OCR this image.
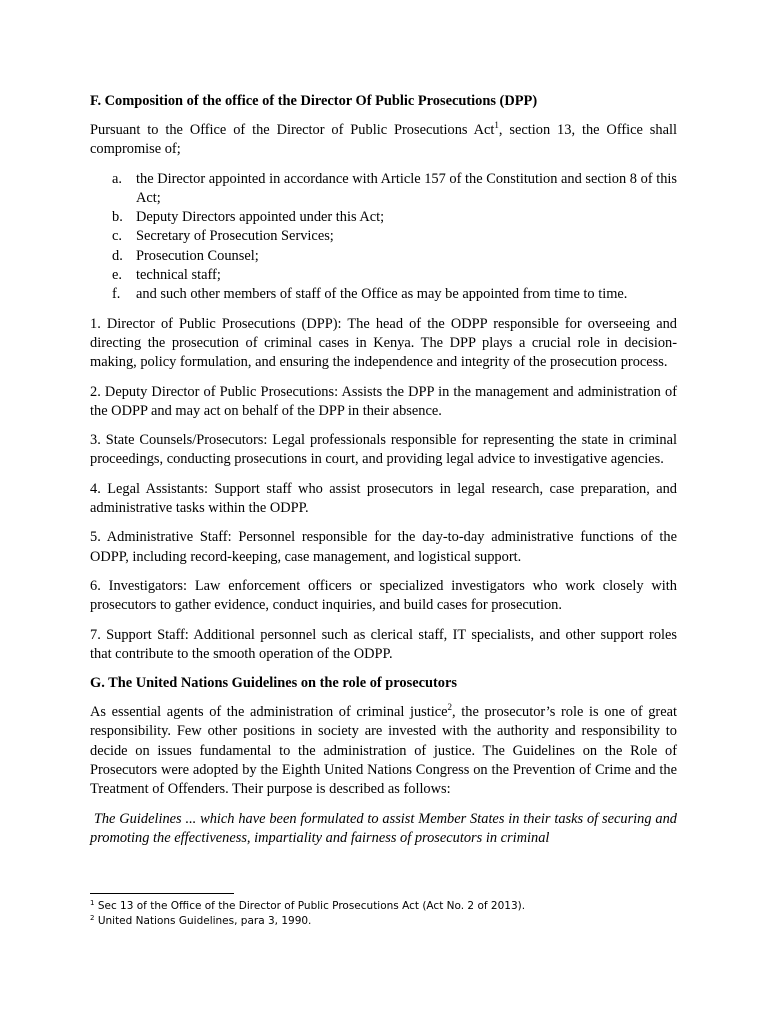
F. Composition of the office of the Director Of Public Prosecutions (DPP)

Pursuant to the Office of the Director of Public Prosecutions Act$^1$, section 13, the Office shall compromise of;

a. the Director appointed in accordance with Article 157 of the Constitution and section 8 of this Act;
b. Deputy Directors appointed under this Act;
c. Secretary of Prosecution Services;
d. Prosecution Counsel;
e. technical staff;
f. and such other members of staff of the Office as may be appointed from time to time.

1. Director of Public Prosecutions (DPP): The head of the ODPP responsible for overseeing and directing the prosecution of criminal cases in Kenya. The DPP plays a crucial role in decision-making, policy formulation, and ensuring the independence and integrity of the prosecution process.

2. Deputy Director of Public Prosecutions: Assists the DPP in the management and administration of the ODPP and may act on behalf of the DPP in their absence.

3. State Counsels/Prosecutors: Legal professionals responsible for representing the state in criminal proceedings, conducting prosecutions in court, and providing legal advice to investigative agencies.

4. Legal Assistants: Support staff who assist prosecutors in legal research, case preparation, and administrative tasks within the ODPP.

5. Administrative Staff: Personnel responsible for the day-to-day administrative functions of the ODPP, including record-keeping, case management, and logistical support.

6. Investigators: Law enforcement officers or specialized investigators who work closely with prosecutors to gather evidence, conduct inquiries, and build cases for prosecution.

7. Support Staff: Additional personnel such as clerical staff, IT specialists, and other support roles that contribute to the smooth operation of the ODPP.

G. The United Nations Guidelines on the role of prosecutors

As essential agents of the administration of criminal justice$^2$, the prosecutor’s role is one of great responsibility. Few other positions in society are invested with the authority and responsibility to decide on issues fundamental to the administration of justice. The Guidelines on the Role of Prosecutors were adopted by the Eighth United Nations Congress on the Prevention of Crime and the Treatment of Offenders. Their purpose is described as follows:

The Guidelines ... which have been formulated to assist Member States in their tasks of securing and promoting the effectiveness, impartiality and fairness of prosecutors in criminal

$^1$ Sec 13 of the Office of the Director of Public Prosecutions Act (Act No. 2 of 2013).
$^2$ United Nations Guidelines, para 3, 1990.
